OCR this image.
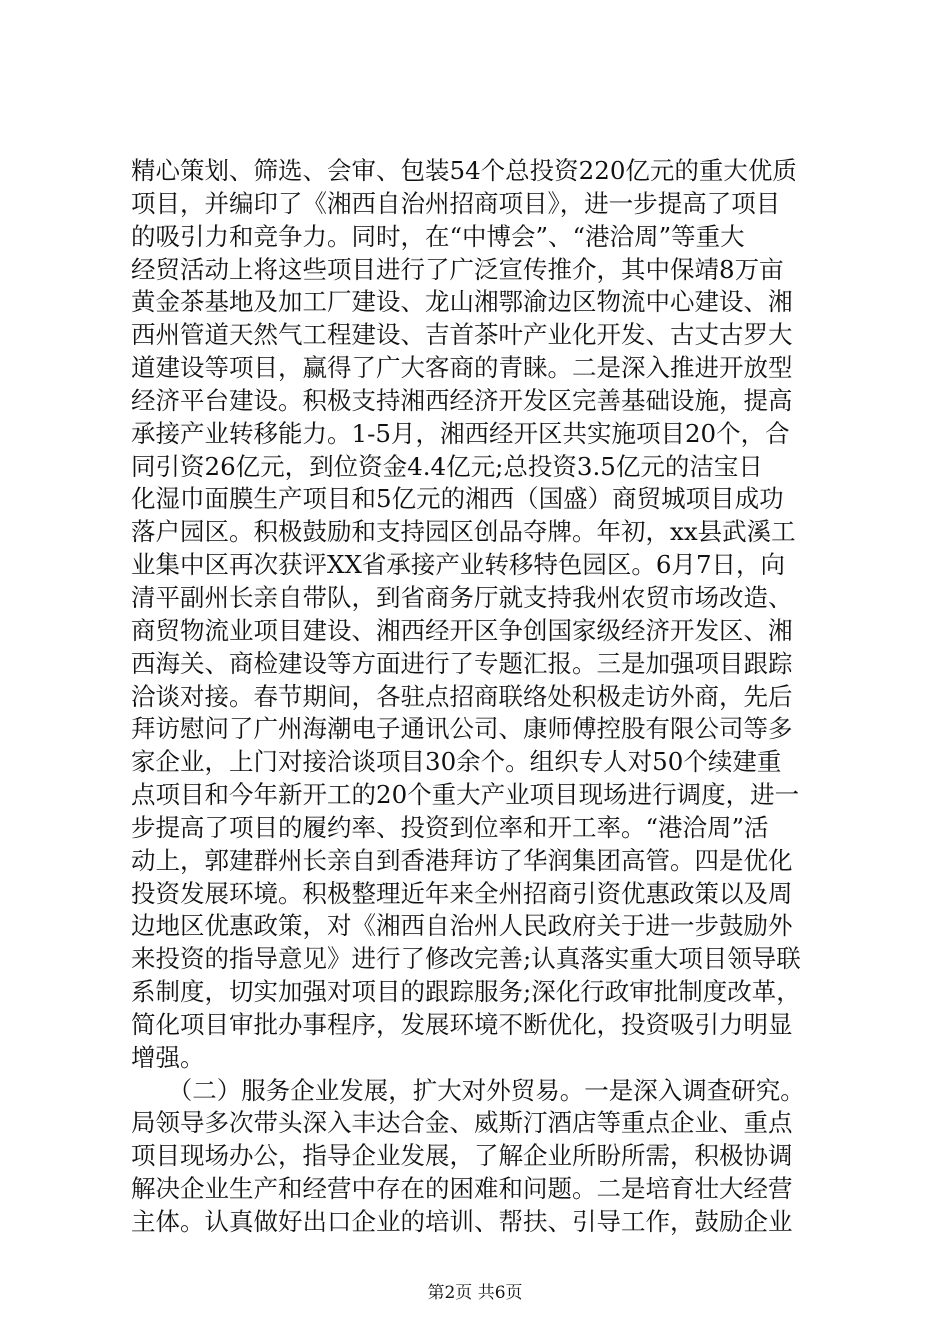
精心策划、筛选、会审、包装54个总投资220亿元的重大优质
项目，并编印了《湘西自治州招商项目》，进一步提高了项目
的吸引力和竞争力。同时，在“中博会”、“港洽周”等重大
经贸活动上将这些项目进行了广泛宣传推介，其中保靖8万亩
黄金茶基地及加工厂建设、龙山湘鄂渝边区物流中心建设、湘
西州管道天然气工程建设、吉首茶叶产业化开发、古丈古罗大
道建设等项目，赢得了广大客商的青睐。二是深入推进开放型
经济平台建设。积极支持湘西经济开发区完善基础设施，提高
承接产业转移能力。1-5月，湘西经开区共实施项目20个，合
同引资26亿元，到位资金4.4亿元;总投资3.5亿元的洁宝日
化湿巾面膜生产项目和5亿元的湘西（国盛）商贸城项目成功
落户园区。积极鼓励和支持园区创品夺牌。年初，xx县武溪工
业集中区再次获评XX省承接产业转移特色园区。6月7日，向
清平副州长亲自带队，到省商务厅就支持我州农贸市场改造、
商贸物流业项目建设、湘西经开区争创国家级经济开发区、湘
西海关、商检建设等方面进行了专题汇报。三是加强项目跟踪
洽谈对接。春节期间，各驻点招商联络处积极走访外商，先后
拜访慰问了广州海潮电子通讯公司、康师傅控股有限公司等多
家企业，上门对接洽谈项目30余个。组织专人对50个续建重
点项目和今年新开工的20个重大产业项目现场进行调度，进一
步提高了项目的履约率、投资到位率和开工率。“港洽周”活
动上，郭建群州长亲自到香港拜访了华润集团高管。四是优化
投资发展环境。积极整理近年来全州招商引资优惠政策以及周
边地区优惠政策，对《湘西自治州人民政府关于进一步鼓励外
来投资的指导意见》进行了修改完善;认真落实重大项目领导联
系制度，切实加强对项目的跟踪服务;深化行政审批制度改革，
简化项目审批办事程序，发展环境不断优化，投资吸引力明显
增强。
　　（二）服务企业发展，扩大对外贸易。一是深入调查研究。
局领导多次带头深入丰达合金、威斯汀酒店等重点企业、重点
项目现场办公，指导企业发展，了解企业所盼所需，积极协调
解决企业生产和经营中存在的困难和问题。二是培育壮大经营
主体。认真做好出口企业的培训、帮扶、引导工作，鼓励企业
第2页 共6页
